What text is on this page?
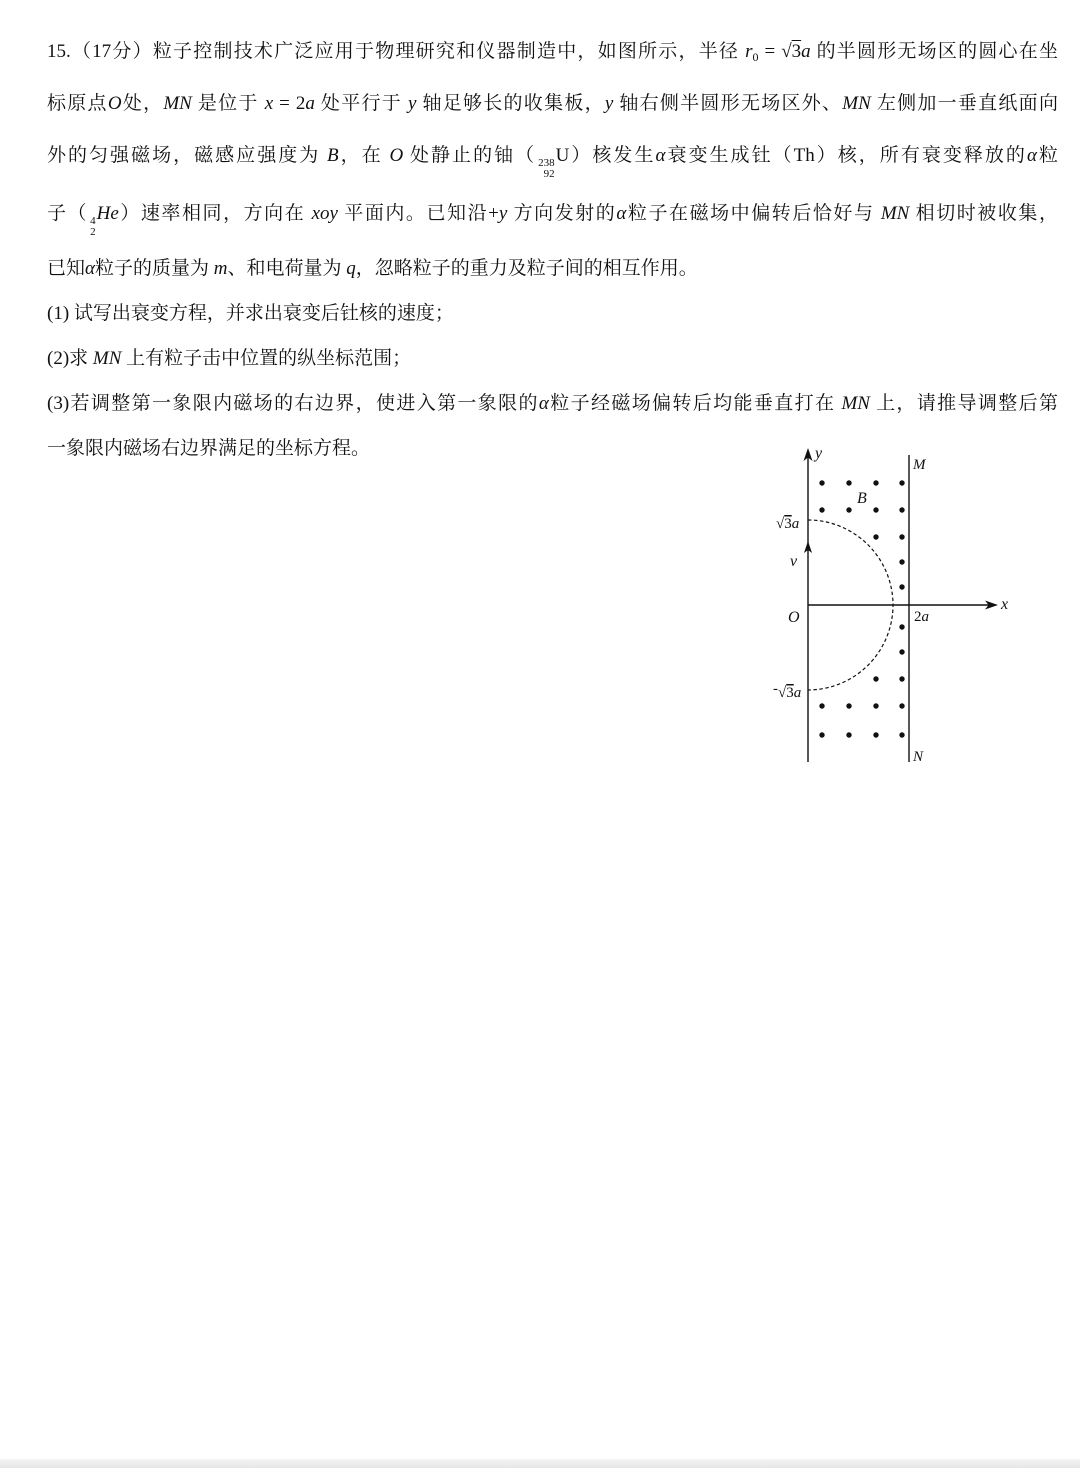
15.（17分）粒子控制技术广泛应用于物理研究和仪器制造中，如图所示，半径 $r_0 = √3a$ 的半圆形无场区的圆心在坐
标原点O处，MN 是位于 x = 2a 处平行于 y 轴足够长的收集板，y 轴右侧半圆形无场区外、MN 左侧加一垂直纸面向
外的匀强磁场，磁感应强度为 B，在 O 处静止的铀（ 238
92
U）核发生α衰变生成钍（Th）核，所有衰变释放的α粒
子（ 4
2
He）速率相同，方向在 xoy 平面内。已知沿+y 方向发射的α粒子在磁场中偏转后恰好与 MN 相切时被收集，
已知α粒子的质量为 m、和电荷量为 q，忽略粒子的重力及粒子间的相互作用。
(1) 试写出衰变方程，并求出衰变后钍核的速度；
(2)求 MN 上有粒子击中位置的纵坐标范围；
(3)若调整第一象限内磁场的右边界，使进入第一象限的α粒子经磁场偏转后均能垂直打在 MN 上，请推导调整后第
一象限内磁场右边界满足的坐标方程。	y
M
B
√3a
v
O	2a
x
-√3a
N
